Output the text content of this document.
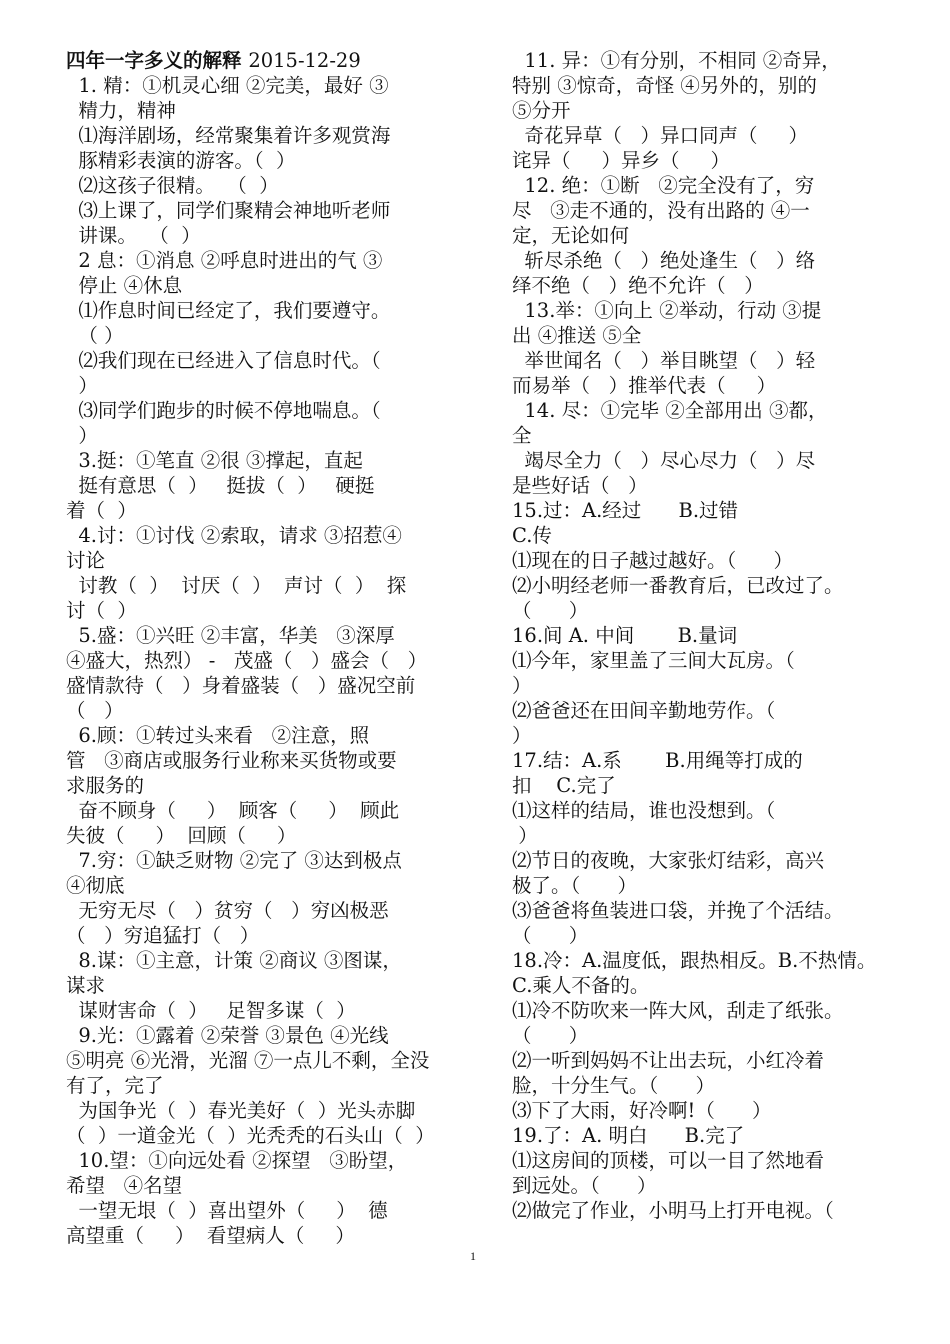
四年一字多义的解释 2015-12-29
1. 精：①机灵心细 ②完美，最好 ③
精力，精神
⑴海洋剧场，经常聚集着许多观赏海
豚精彩表演的游客。（  ）
⑵这孩子很精。  （  ）
⑶上课了，同学们聚精会神地听老师
讲课。  （  ）
2 息：①消息 ②呼息时进出的气 ③
停止 ④休息
⑴作息时间已经定了，我们要遵守。
（ ）
⑵我们现在已经进入了信息时代。（
）
⑶同学们跑步的时候不停地喘息。（
）
3.挺：①笔直 ②很 ③撑起，直起
挺有意思（  ）   挺拔（  ）   硬挺
着（  ）
4.讨：①讨伐 ②索取，请求 ③招惹④
讨论
讨教（  ）  讨厌（  ）  声讨（  ）  探
讨（  ）
5.盛：①兴旺 ②丰富，华美   ③深厚
④盛大，热烈） -   茂盛（   ）盛会（   ）
盛情款待（   ）身着盛装（   ）盛况空前
（   ）
6.顾：①转过头来看   ②注意，照
管   ③商店或服务行业称来买货物或要
求服务的
奋不顾身（     ）  顾客（     ）  顾此
失彼（     ）  回顾（     ）
7.穷：①缺乏财物 ②完了 ③达到极点
④彻底
无穷无尽（   ）贫穷（   ）穷凶极恶
（   ）穷追猛打（   ）
8.谋：①主意，计策 ②商议 ③图谋，
谋求
谋财害命（  ）   足智多谋（  ）
9.光：①露着 ②荣誉 ③景色 ④光线
⑤明亮 ⑥光滑，光溜 ⑦一点儿不剩，全没
有了，完了
为国争光（  ）春光美好（  ）光头赤脚
（  ）一道金光（  ）光秃秃的石头山（  ）
10.望：①向远处看 ②探望   ③盼望，
希望   ④名望
一望无垠（  ）喜出望外（     ）  德
高望重（     ）  看望病人（     ）
11. 异：①有分别，不相同 ②奇异，
特别 ③惊奇，奇怪 ④另外的，别的
⑤分开
奇花异草（   ）异口同声（     ）
诧异（     ）异乡（     ）
12. 绝：①断   ②完全没有了，穷
尽   ③走不通的，没有出路的 ④一
定，无论如何
斩尽杀绝（   ）绝处逢生（   ）络
绎不绝（   ）绝不允许（   ）
13.举：①向上 ②举动，行动 ③提
出 ④推送 ⑤全
举世闻名（   ）举目眺望（   ）轻
而易举（   ）推举代表（     ）
14. 尽：①完毕 ②全部用出 ③都，
全
竭尽全力（   ）尽心尽力（   ）尽
是些好话（   ）
15.过：A.经过      B.过错
C.传
⑴现在的日子越过越好。（      ）
⑵小明经老师一番教育后，已改过了。
（      ）
16.间 A. 中间       B.量词
⑴今年，家里盖了三间大瓦房。（
）
⑵爸爸还在田间辛勤地劳作。（
）
17.结：A.系       B.用绳等打成的
扣    C.完了
⑴这样的结局，谁也没想到。（
）
⑵节日的夜晚，大家张灯结彩，高兴
极了。（      ）
⑶爸爸将鱼装进口袋，并挽了个活结。
（      ）
18.冷：A.温度低，跟热相反。B.不热情。
C.乘人不备的。
⑴冷不防吹来一阵大风，刮走了纸张。
（      ）
⑵一听到妈妈不让出去玩，小红冷着
脸，十分生气。（      ）
⑶下了大雨，好冷啊!（      ）
19.了：A. 明白      B.完了
⑴这房间的顶楼，可以一目了然地看
到远处。（      ）
⑵做完了作业，小明马上打开电视。（
1
